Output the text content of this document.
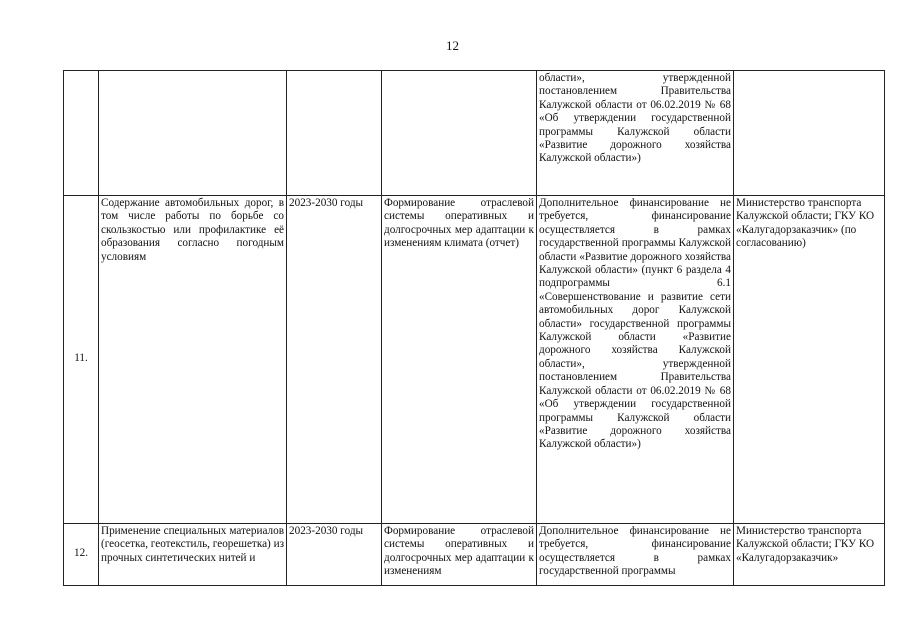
12
				области», утвержденной постановлением Правительства Калужской области от 06.02.2019 № 68 «Об утверждении государственной программы Калужской области «Развитие дорожного хозяйства Калужской области»)	
11.	Содержание автомобильных дорог, в том числе работы по борьбе со скользкостью или профилактике её образования согласно погодным условиям	2023-2030 годы	Формирование отраслевой системы оперативных и долгосрочных мер адаптации к изменениям климата (отчет)	Дополнительное финансирование не требуется, финансирование осуществляется в рамках государственной программы Калужской области «Развитие дорожного хозяйства Калужской области» (пункт 6 раздела 4 подпрограммы 6.1 «Совершенствование и развитие сети автомобильных дорог Калужской области» государственной программы Калужской области «Развитие дорожного хозяйства Калужской области», утвержденной постановлением Правительства Калужской области от 06.02.2019 № 68 «Об утверждении государственной программы Калужской области «Развитие дорожного хозяйства Калужской области»)	Министерство транспорта Калужской области; ГКУ КО «Калугадорзаказчик» (по согласованию)
12.	Применение специальных материалов (геосетка, геотекстиль, георешетка) из прочных синтетических нитей и	2023-2030 годы	Формирование отраслевой системы оперативных и долгосрочных мер адаптации к изменениям	Дополнительное финансирование не требуется, финансирование осуществляется в рамках государственной программы	Министерство транспорта Калужской области; ГКУ КО «Калугадорзаказчик»
